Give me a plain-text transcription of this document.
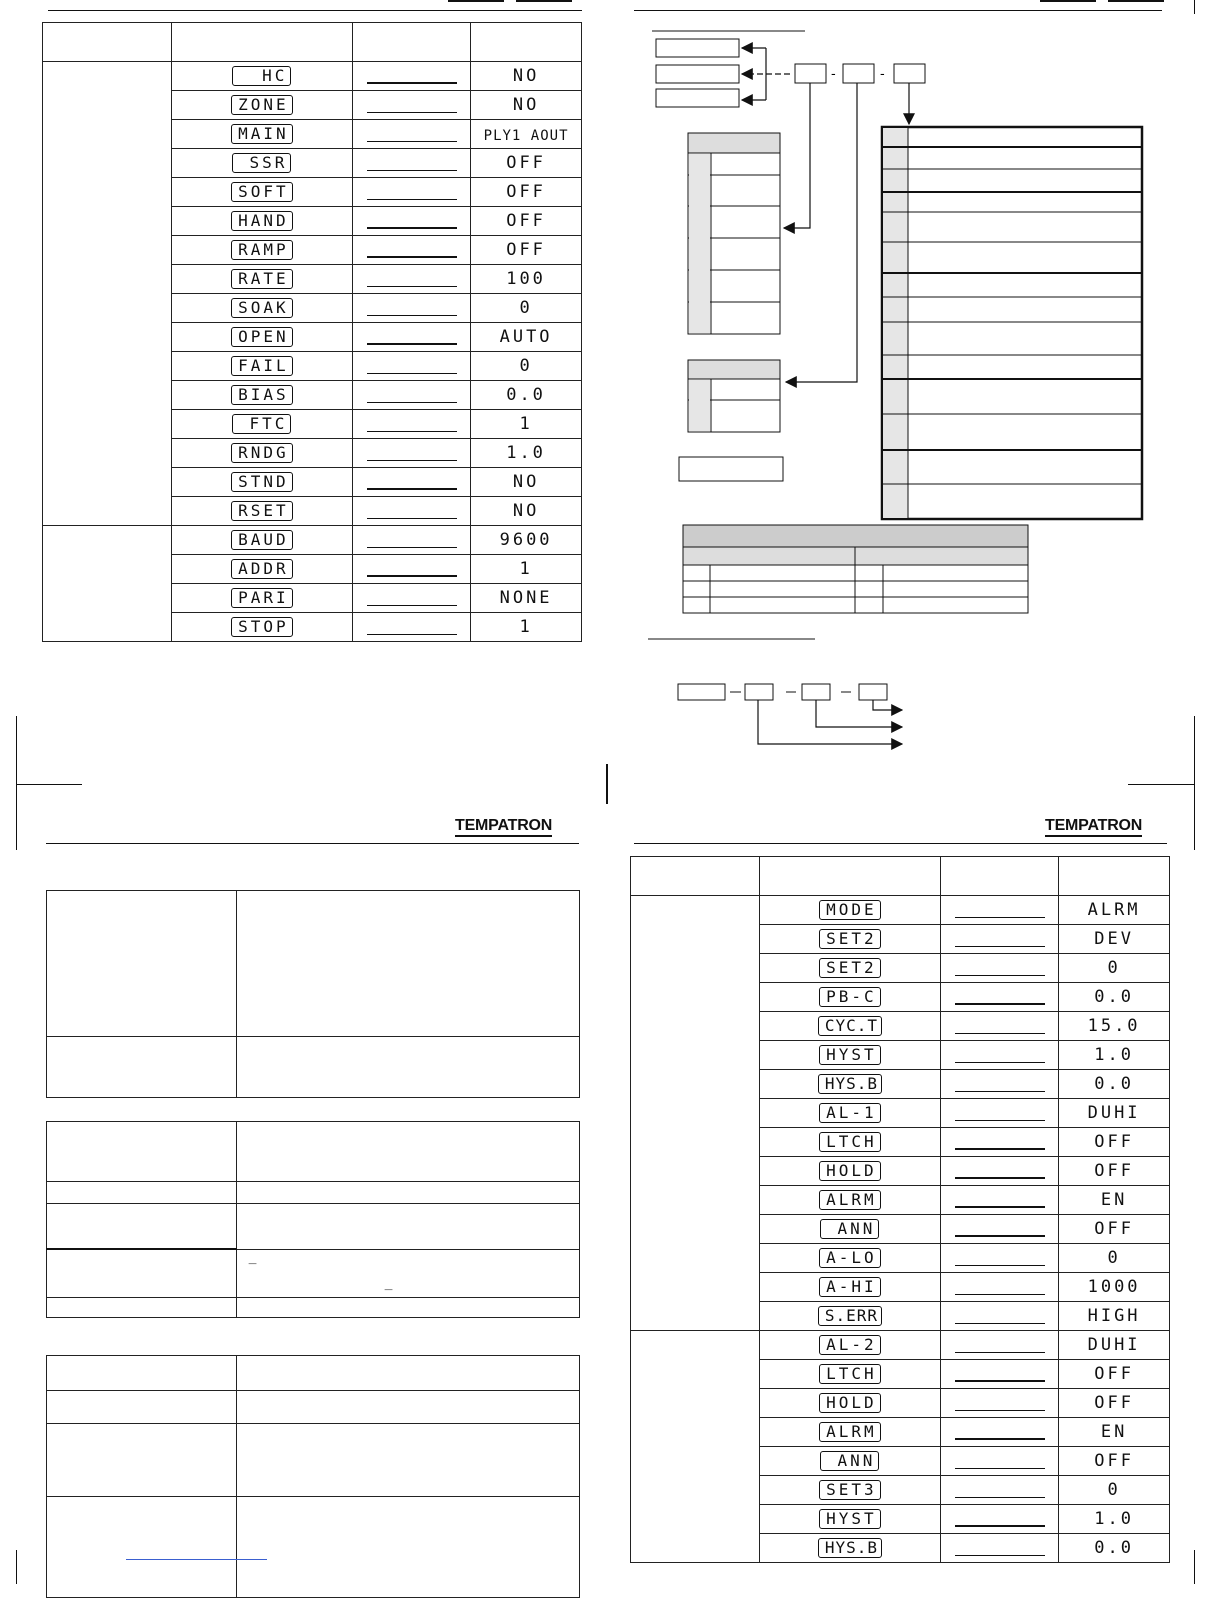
	HC		NO
	ZONE		NO
	MAIN		PLY1 AOUT
	SSR		OFF
	SOFT		OFF
	HAND		OFF
	RAMP		OFF
	RATE		100
	SOAK		0
	OPEN		AUTO
	FAIL		0
	BIAS		0.0
	FTC		1
	RNDG		1.0
	STND		NO
	RSET		NO
	BAUD		9600
	ADDR		1
	PARI		NONE
	STOP		1
-	-
TEMPATRON

	_
_

TEMPATRON

	MODE		ALRM
	SET2		DEV
	SET2		0
	PB-C		0.0
	CYC.T		15.0
	HYST		1.0
	HYS.B		0.0
	AL-1		DUHI
	LTCH		OFF
	HOLD		OFF
	ALRM		EN
	ANN		OFF
	A-LO		0
	A-HI		1000
	S.ERR		HIGH
	AL-2		DUHI
	LTCH		OFF
	HOLD		OFF
	ALRM		EN
	ANN		OFF
	SET3		0
	HYST		1.0
	HYS.B		0.0
